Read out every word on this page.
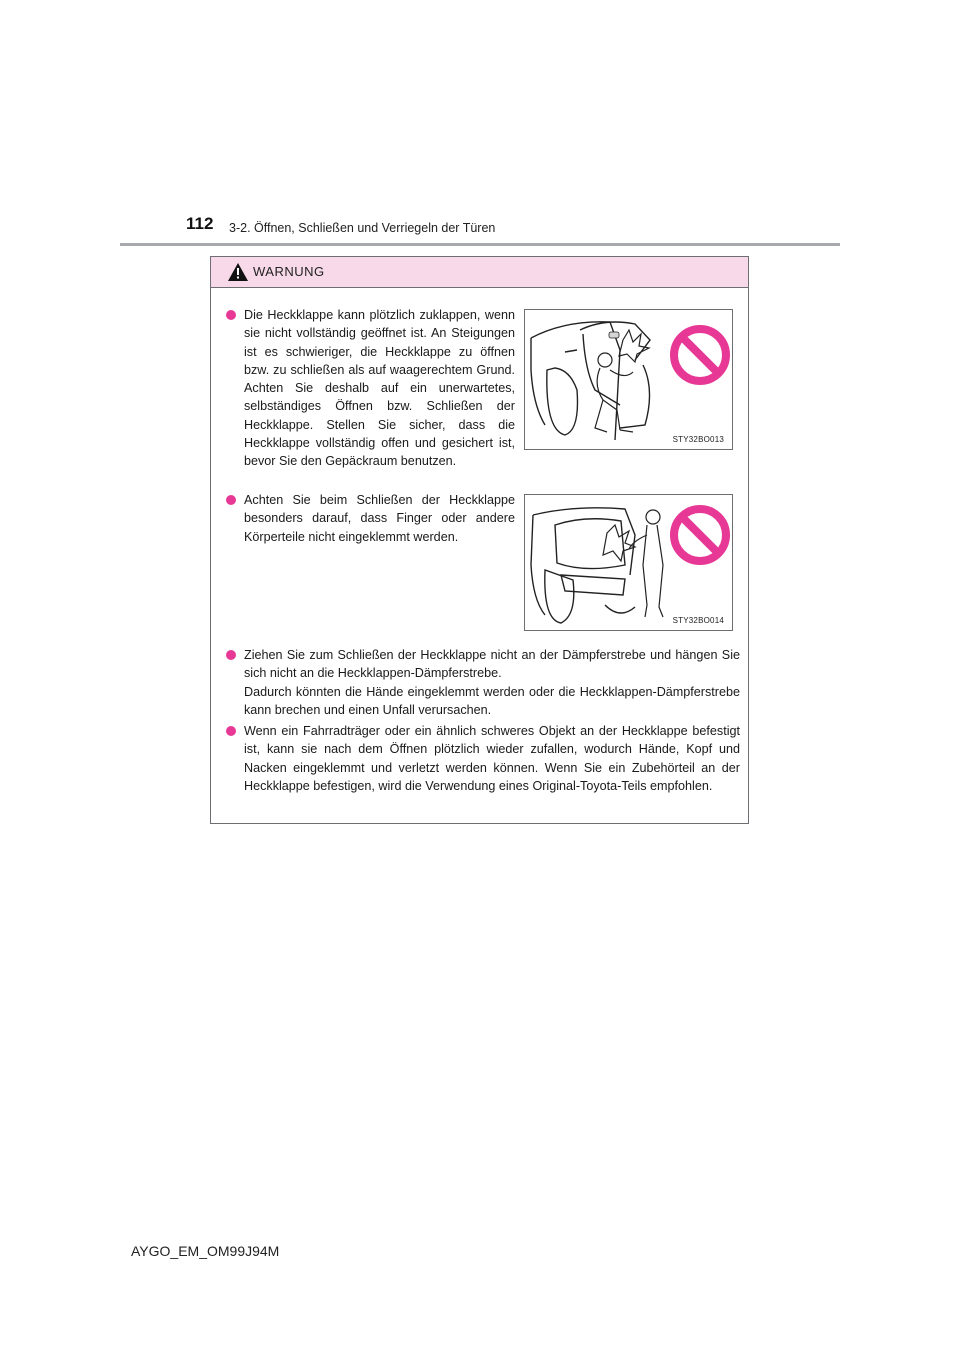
112 3-2. Öffnen, Schließen und Verriegeln der Türen
WARNUNG
Die Heckklappe kann plötzlich zuklappen, wenn sie nicht vollständig geöffnet ist. An Steigungen ist es schwieriger, die Heckklappe zu öffnen bzw. zu schließen als auf waagerechtem Grund. Achten Sie deshalb auf ein unerwartetes, selbständiges Öffnen bzw. Schließen der Heckklappe. Stellen Sie sicher, dass die Heckklappe vollständig offen und gesichert ist, bevor Sie den Gepäckraum benutzen.
STY32BO013
Achten Sie beim Schließen der Heckklappe besonders darauf, dass Finger oder andere Körperteile nicht eingeklemmt werden.
STY32BO014
Ziehen Sie zum Schließen der Heckklappe nicht an der Dämpferstrebe und hängen Sie sich nicht an die Heckklappen-Dämpferstrebe.
Dadurch könnten die Hände eingeklemmt werden oder die Heckklappen-Dämpferstrebe kann brechen und einen Unfall verursachen.
Wenn ein Fahrradträger oder ein ähnlich schweres Objekt an der Heckklappe befestigt ist, kann sie nach dem Öffnen plötzlich wieder zufallen, wodurch Hände, Kopf und Nacken eingeklemmt und verletzt werden können. Wenn Sie ein Zubehörteil an der Heckklappe befestigen, wird die Verwendung eines Original-Toyota-Teils empfohlen.
AYGO_EM_OM99J94M
